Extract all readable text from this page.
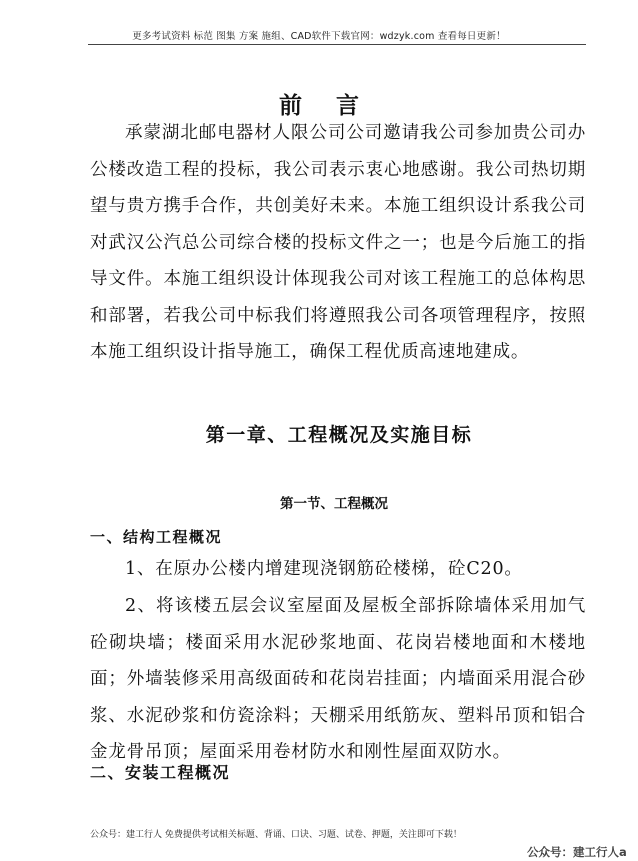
更多考试资料 标范 图集 方案 施组、CAD软件下载官网：wdzyk.com 查看每日更新！
前言

承蒙湖北邮电器材人限公司公司邀请我公司参加贵公司办公楼改造工程的投标，我公司表示衷心地感谢。我公司热切期望与贵方携手合作，共创美好未来。本施工组织设计系我公司对武汉公汽总公司综合楼的投标文件之一；也是今后施工的指导文件。本施工组织设计体现我公司对该工程施工的总体构思和部署，若我公司中标我们将遵照我公司各项管理程序，按照本施工组织设计指导施工，确保工程优质高速地建成。

第一章、工程概况及实施目标
第一节、工程概况
一、结构工程概况
1、在原办公楼内增建现浇钢筋砼楼梯，砼C20。

2、将该楼五层会议室屋面及屋板全部拆除墙体采用加气砼砌块墙；楼面采用水泥砂浆地面、花岗岩楼地面和木楼地面；外墙装修采用高级面砖和花岗岩挂面；内墙面采用混合砂浆、水泥砂浆和仿瓷涂料；天棚采用纸筋灰、塑料吊顶和铝合金龙骨吊顶；屋面采用卷材防水和刚性屋面双防水。

二、安装工程概况
公众号：建工行人 免费提供考试相关标题、背诵、口诀、习题、试卷、押题，关注即可下载！
公众号：建工行人a
